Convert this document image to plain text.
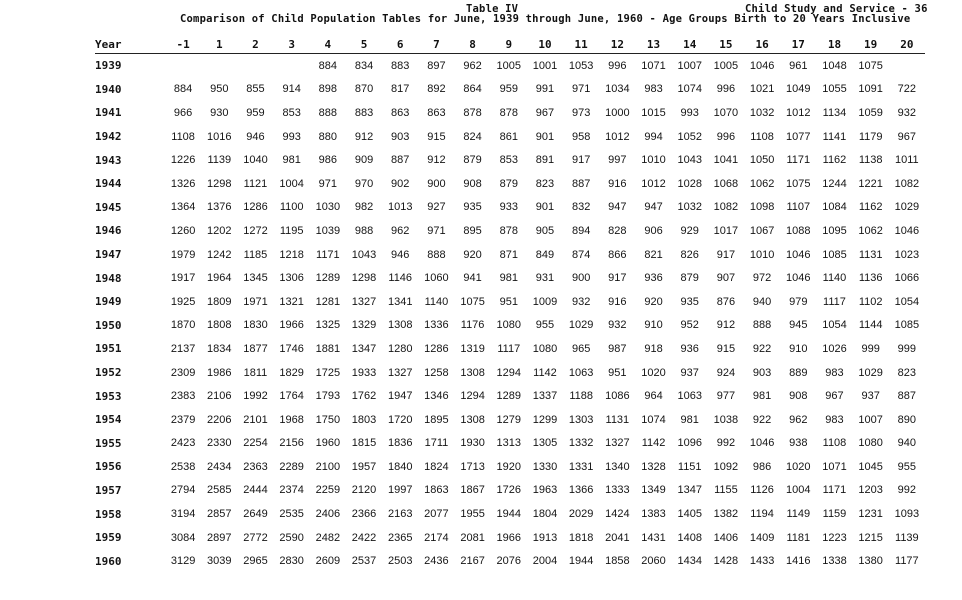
Table IV	Child Study and Service - 36
Comparison of Child Population Tables for June, 1939 through June, 1960 - Age Groups Birth to 20 Years Inclusive
Year	-1	1	2	3	4	5	6	7	8	9	10	11	12	13	14	15	16	17	18	19	20
1939					884	834	883	897	962	1005	1001	1053	996	1071	1007	1005	1046	961	1048	1075	
1940	884	950	855	914	898	870	817	892	864	959	991	971	1034	983	1074	996	1021	1049	1055	1091	722
1941	966	930	959	853	888	883	863	863	878	878	967	973	1000	1015	993	1070	1032	1012	1134	1059	932
1942	1108	1016	946	993	880	912	903	915	824	861	901	958	1012	994	1052	996	1108	1077	1141	1179	967
1943	1226	1139	1040	981	986	909	887	912	879	853	891	917	997	1010	1043	1041	1050	1171	1162	1138	1011
1944	1326	1298	1121	1004	971	970	902	900	908	879	823	887	916	1012	1028	1068	1062	1075	1244	1221	1082
1945	1364	1376	1286	1100	1030	982	1013	927	935	933	901	832	947	947	1032	1082	1098	1107	1084	1162	1029
1946	1260	1202	1272	1195	1039	988	962	971	895	878	905	894	828	906	929	1017	1067	1088	1095	1062	1046
1947	1979	1242	1185	1218	1171	1043	946	888	920	871	849	874	866	821	826	917	1010	1046	1085	1131	1023
1948	1917	1964	1345	1306	1289	1298	1146	1060	941	981	931	900	917	936	879	907	972	1046	1140	1136	1066
1949	1925	1809	1971	1321	1281	1327	1341	1140	1075	951	1009	932	916	920	935	876	940	979	1117	1102	1054
1950	1870	1808	1830	1966	1325	1329	1308	1336	1176	1080	955	1029	932	910	952	912	888	945	1054	1144	1085
1951	2137	1834	1877	1746	1881	1347	1280	1286	1319	1117	1080	965	987	918	936	915	922	910	1026	999	999
1952	2309	1986	1811	1829	1725	1933	1327	1258	1308	1294	1142	1063	951	1020	937	924	903	889	983	1029	823
1953	2383	2106	1992	1764	1793	1762	1947	1346	1294	1289	1337	1188	1086	964	1063	977	981	908	967	937	887
1954	2379	2206	2101	1968	1750	1803	1720	1895	1308	1279	1299	1303	1131	1074	981	1038	922	962	983	1007	890
1955	2423	2330	2254	2156	1960	1815	1836	1711	1930	1313	1305	1332	1327	1142	1096	992	1046	938	1108	1080	940
1956	2538	2434	2363	2289	2100	1957	1840	1824	1713	1920	1330	1331	1340	1328	1151	1092	986	1020	1071	1045	955
1957	2794	2585	2444	2374	2259	2120	1997	1863	1867	1726	1963	1366	1333	1349	1347	1155	1126	1004	1171	1203	992
1958	3194	2857	2649	2535	2406	2366	2163	2077	1955	1944	1804	2029	1424	1383	1405	1382	1194	1149	1159	1231	1093
1959	3084	2897	2772	2590	2482	2422	2365	2174	2081	1966	1913	1818	2041	1431	1408	1406	1409	1181	1223	1215	1139
1960	3129	3039	2965	2830	2609	2537	2503	2436	2167	2076	2004	1944	1858	2060	1434	1428	1433	1416	1338	1380	1177
